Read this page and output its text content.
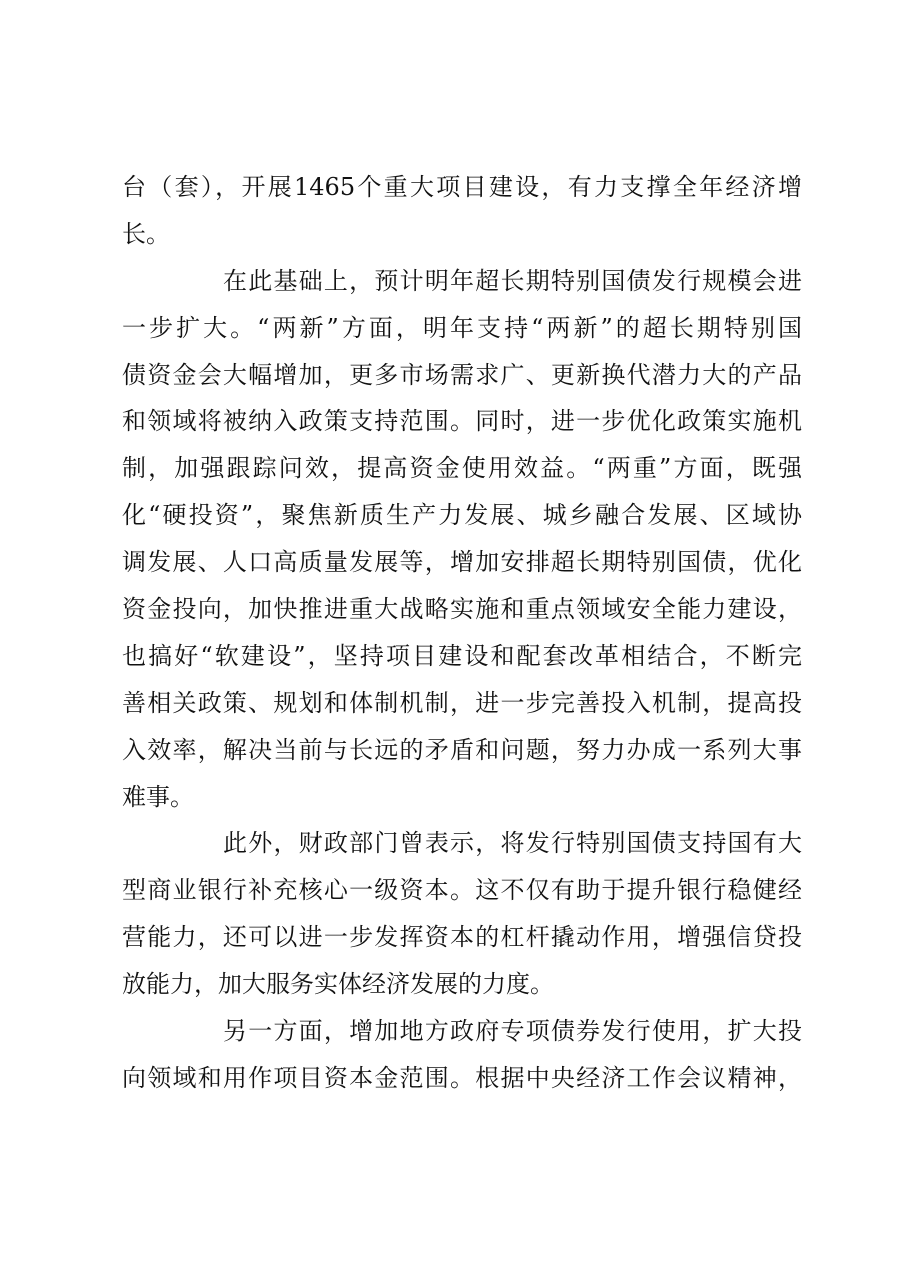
台（套），开展1465个重大项目建设，有力支撑全年经济增
长。
在此基础上，预计明年超长期特别国债发行规模会进
一步扩大。“两新”方面，明年支持“两新”的超长期特别国
债资金会大幅增加，更多市场需求广、更新换代潜力大的产品
和领域将被纳入政策支持范围。同时，进一步优化政策实施机
制，加强跟踪问效，提高资金使用效益。“两重”方面，既强
化“硬投资”，聚焦新质生产力发展、城乡融合发展、区域协
调发展、人口高质量发展等，增加安排超长期特别国债，优化
资金投向，加快推进重大战略实施和重点领域安全能力建设，
也搞好“软建设”，坚持项目建设和配套改革相结合，不断完
善相关政策、规划和体制机制，进一步完善投入机制，提高投
入效率，解决当前与长远的矛盾和问题，努力办成一系列大事
难事。
此外，财政部门曾表示，将发行特别国债支持国有大
型商业银行补充核心一级资本。这不仅有助于提升银行稳健经
营能力，还可以进一步发挥资本的杠杆撬动作用，增强信贷投
放能力，加大服务实体经济发展的力度。
另一方面，增加地方政府专项债券发行使用，扩大投
向领域和用作项目资本金范围。根据中央经济工作会议精神，
